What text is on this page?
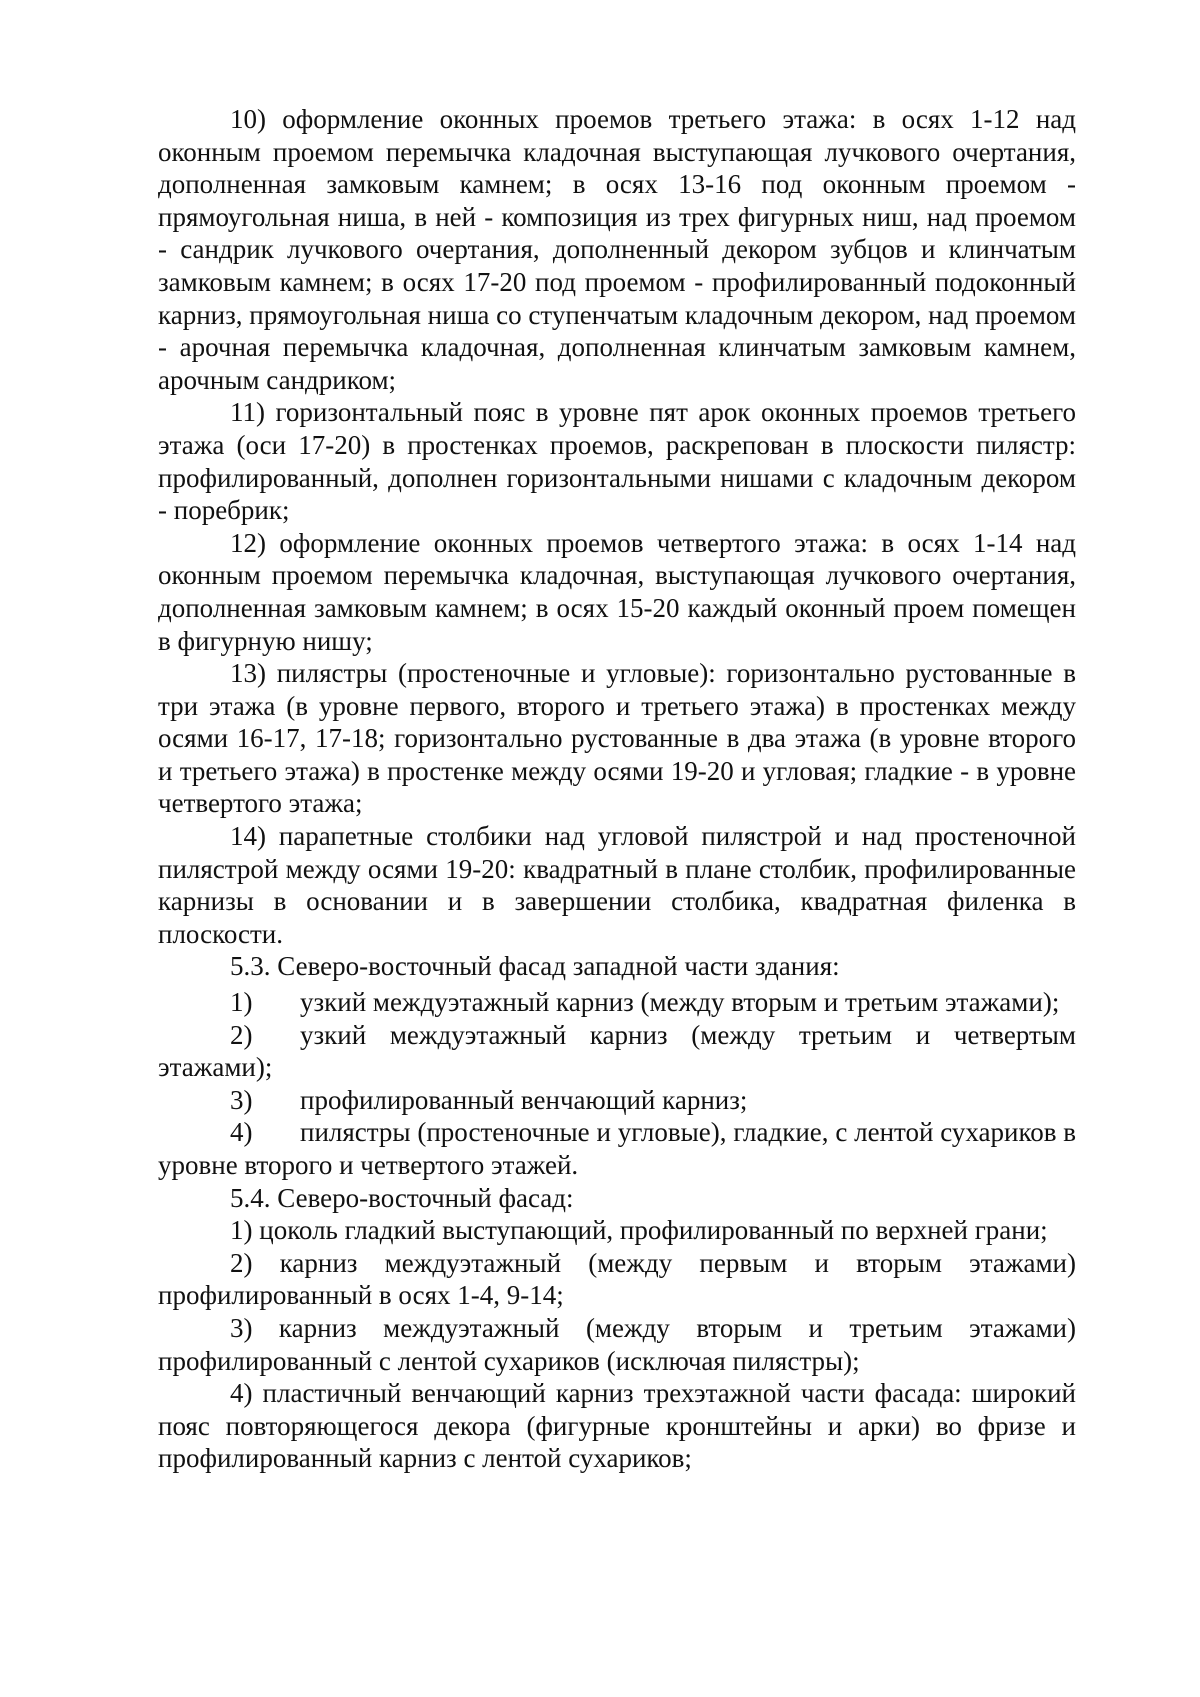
10) оформление оконных проемов третьего этажа: в осях 1-12 над оконным проемом перемычка кладочная выступающая лучкового очертания, дополненная замковым камнем; в осях 13-16 под оконным проемом - прямоугольная ниша, в ней - композиция из трех фигурных ниш, над проемом - сандрик лучкового очертания, дополненный декором зубцов и клинчатым замковым камнем; в осях 17-20 под проемом - профилированный подоконный карниз, прямоугольная ниша со ступенчатым кладочным декором, над проемом - арочная перемычка кладочная, дополненная клинчатым замковым камнем, арочным сандриком;

11) горизонтальный пояс в уровне пят арок оконных проемов третьего этажа (оси 17-20) в простенках проемов, раскрепован в плоскости пилястр: профилированный, дополнен горизонтальными нишами с кладочным декором - поребрик;

12) оформление оконных проемов четвертого этажа: в осях 1-14 над оконным проемом перемычка кладочная, выступающая лучкового очертания, дополненная замковым камнем; в осях 15-20 каждый оконный проем помещен в фигурную нишу;

13) пилястры (простеночные и угловые): горизонтально рустованные в три этажа (в уровне первого, второго и третьего этажа) в простенках между осями 16-17, 17-18; горизонтально рустованные в два этажа (в уровне второго и третьего этажа) в простенке между осями 19-20 и угловая; гладкие - в уровне четвертого этажа;

14) парапетные столбики над угловой пилястрой и над простеночной пилястрой между осями 19-20: квадратный в плане столбик, профилированные карнизы в основании и в завершении столбика, квадратная филенка в плоскости.

5.3. Северо-восточный фасад западной части здания:

1) узкий междуэтажный карниз (между вторым и третьим этажами);

2) узкий междуэтажный карниз (между третьим и четвертым этажами);

3) профилированный венчающий карниз;

4) пилястры (простеночные и угловые), гладкие, с лентой сухариков в уровне второго и четвертого этажей.

5.4. Северо-восточный фасад:

1) цоколь гладкий выступающий, профилированный по верхней грани;

2) карниз междуэтажный (между первым и вторым этажами) профилированный в осях 1-4, 9-14;

3) карниз междуэтажный (между вторым и третьим этажами) профилированный с лентой сухариков (исключая пилястры);

4) пластичный венчающий карниз трехэтажной части фасада: широкий пояс повторяющегося декора (фигурные кронштейны и арки) во фризе и профилированный карниз с лентой сухариков;
